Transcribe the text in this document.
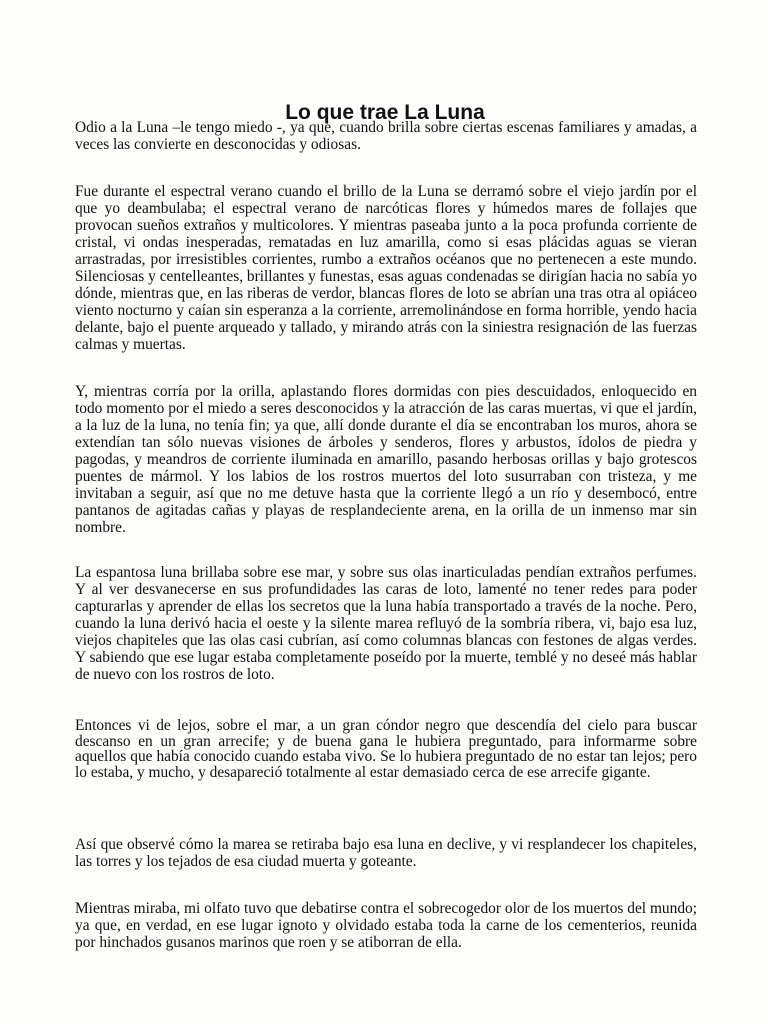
Lo que trae La Luna

Odio a la Luna –le tengo miedo -, ya que, cuando brilla sobre ciertas escenas familiares y amadas, a veces las convierte en desconocidas y odiosas.

Fue durante el espectral verano cuando el brillo de la Luna se derramó sobre el viejo jardín por el que yo deambulaba; el espectral verano de narcóticas flores y húmedos mares de follajes que provocan sueños extraños y multicolores. Y mientras paseaba junto a la poca profunda corriente de cristal, vi ondas inesperadas, rematadas en luz amarilla, como si esas plácidas aguas se vieran arrastradas, por irresistibles corrientes, rumbo a extraños océanos que no pertenecen a este mundo. Silenciosas y centelleantes, brillantes y funestas, esas aguas condenadas se dirigían hacia no sabía yo dónde, mientras que, en las riberas de verdor, blancas flores de loto se abrían una tras otra al opiáceo viento nocturno y caían sin esperanza a la corriente, arremolinándose en forma horrible, yendo hacia delante, bajo el puente arqueado y tallado, y mirando atrás con la siniestra resignación de las fuerzas calmas y muertas.

Y, mientras corría por la orilla, aplastando flores dormidas con pies descuidados, enloquecido en todo momento por el miedo a seres desconocidos y la atracción de las caras muertas, vi que el jardín, a la luz de la luna, no tenía fin; ya que, allí donde durante el día se encontraban los muros, ahora se extendían tan sólo nuevas visiones de árboles y senderos, flores y arbustos, ídolos de piedra y pagodas, y meandros de corriente iluminada en amarillo, pasando herbosas orillas y bajo grotescos puentes de mármol. Y los labios de los rostros muertos del loto susurraban con tristeza, y me invitaban a seguir, así que no me detuve hasta que la corriente llegó a un río y desembocó, entre pantanos de agitadas cañas y playas de resplandeciente arena, en la orilla de un inmenso mar sin nombre.

La espantosa luna brillaba sobre ese mar, y sobre sus olas inarticuladas pendían extraños perfumes. Y al ver desvanecerse en sus profundidades las caras de loto, lamenté no tener redes para poder capturarlas y aprender de ellas los secretos que la luna había transportado a través de la noche. Pero, cuando la luna derivó hacia el oeste y la silente marea refluyó de la sombría ribera, vi, bajo esa luz, viejos chapiteles que las olas casi cubrían, así como columnas blancas con festones de algas verdes. Y sabiendo que ese lugar estaba completamente poseído por la muerte, temblé y no deseé más hablar de nuevo con los rostros de loto.

Entonces vi de lejos, sobre el mar, a un gran cóndor negro que descendía del cielo para buscar descanso en un gran arrecife; y de buena gana le hubiera preguntado, para informarme sobre aquellos que había conocido cuando estaba vivo. Se lo hubiera preguntado de no estar tan lejos; pero lo estaba, y mucho, y desapareció totalmente al estar demasiado cerca de ese arrecife gigante.

Así que observé cómo la marea se retiraba bajo esa luna en declive, y vi resplandecer los chapiteles, las torres y los tejados de esa ciudad muerta y goteante.

Mientras miraba, mi olfato tuvo que debatirse contra el sobrecogedor olor de los muertos del mundo; ya que, en verdad, en ese lugar ignoto y olvidado estaba toda la carne de los cementerios, reunida por hinchados gusanos marinos que roen y se atiborran de ella.
